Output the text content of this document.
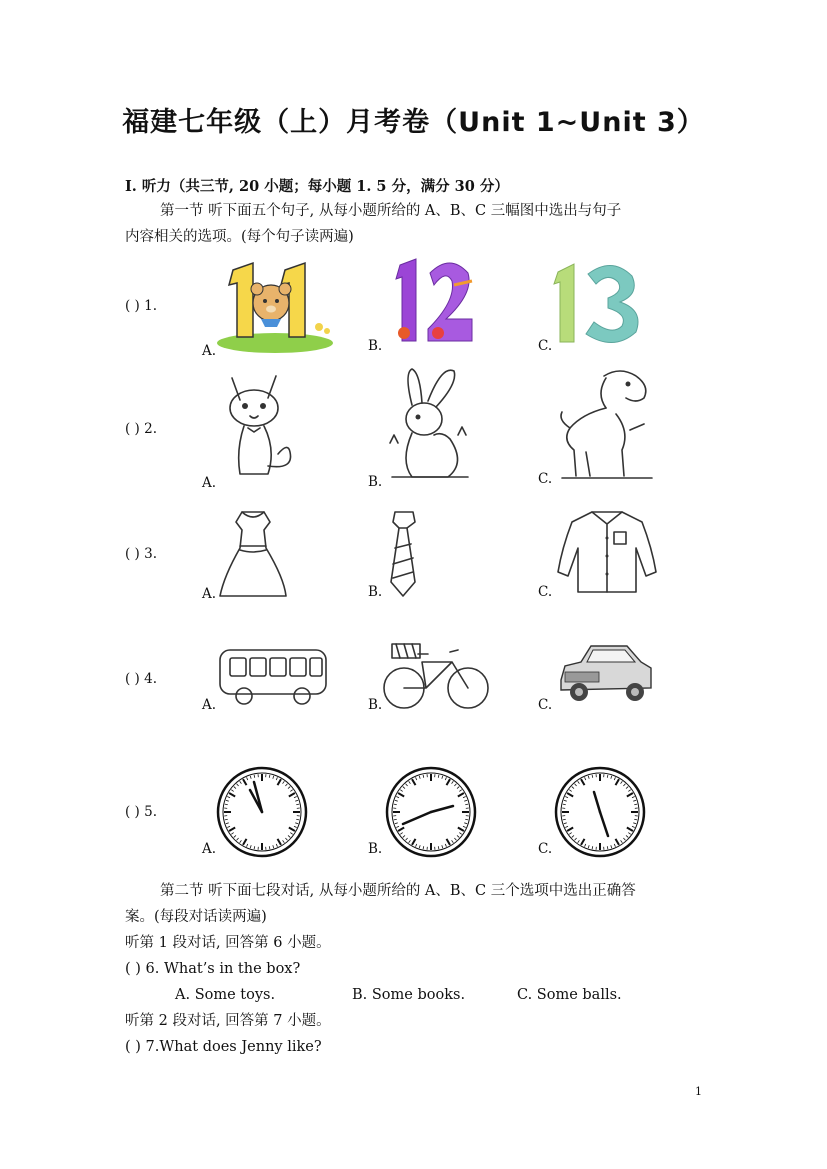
福建七年级（上）月考卷（Unit 1~Unit 3）
I. 听力（共三节, 20 小题；每小题 1. 5 分，满分 30 分）
第一节 听下面五个句子, 从每小题所给的 A、B、C 三幅图中选出与句子
内容相关的选项。(每个句子读两遍)
( ) 1.
A.	B.	C.
( ) 2.
A.	B.	C.
( ) 3.
A.	B.	C.
( ) 4.
A.	B.	C.
( ) 5.
A.	B.	C.
第二节 听下面七段对话, 从每小题所给的 A、B、C 三个选项中选出正确答
案。(每段对话读两遍)
听第 1 段对话, 回答第 6 小题。
( ) 6. What’s in the box?
A. Some toys.	B. Some books.	C. Some balls.
听第 2 段对话, 回答第 7 小题。
( ) 7.What does Jenny like?
1
